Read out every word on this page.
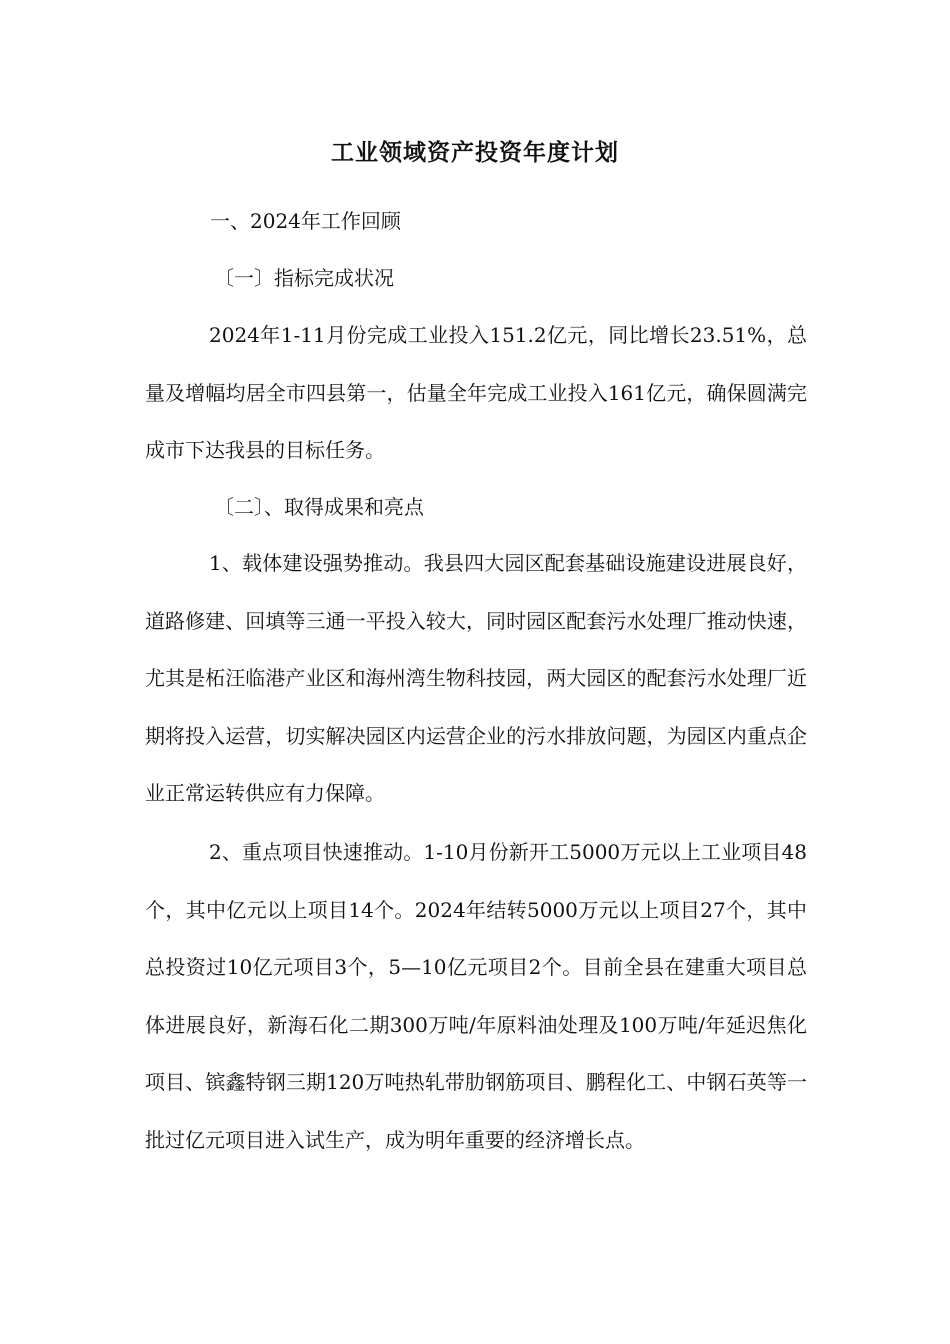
工业领域资产投资年度计划
一、2024年工作回顾
〔一〕指标完成状况
2024年1-11月份完成工业投入151.2亿元，同比增长23.51%，总量及增幅均居全市四县第一，估量全年完成工业投入161亿元，确保圆满完成市下达我县的目标任务。
〔二〕、取得成果和亮点
1、载体建设强势推动。我县四大园区配套基础设施建设进展良好，道路修建、回填等三通一平投入较大，同时园区配套污水处理厂推动快速，尤其是柘汪临港产业区和海州湾生物科技园，两大园区的配套污水处理厂近期将投入运营，切实解决园区内运营企业的污水排放问题，为园区内重点企业正常运转供应有力保障。
2、重点项目快速推动。1-10月份新开工5000万元以上工业项目48个，其中亿元以上项目14个。2024年结转5000万元以上项目27个，其中总投资过10亿元项目3个，5—10亿元项目2个。目前全县在建重大项目总体进展良好，新海石化二期300万吨/年原料油处理及100万吨/年延迟焦化项目、镔鑫特钢三期120万吨热轧带肋钢筋项目、鹏程化工、中钢石英等一批过亿元项目进入试生产，成为明年重要的经济增长点。
